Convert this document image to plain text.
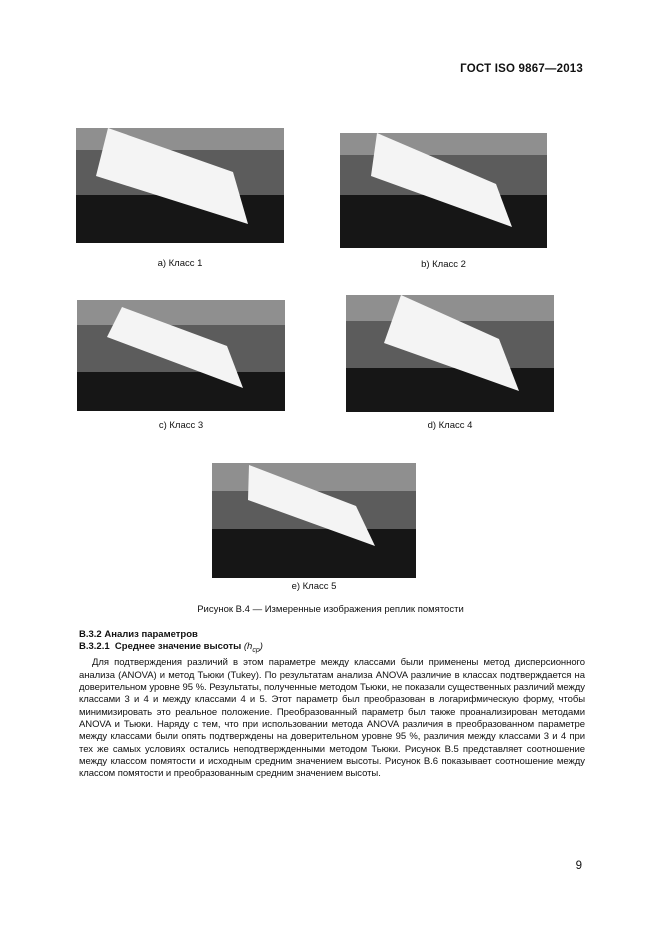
ГОСТ ISO 9867—2013
a) Класс 1	b) Класс 2
c) Класс 3	d) Класс 4
e) Класс 5
Рисунок В.4 — Измеренные изображения реплик помятости
В.3.2 Анализ параметров
В.3.2.1 Среднее значение высоты $(h_{cp})$

Для подтверждения различий в этом параметре между классами были применены метод дисперсионного анализа (ANOVA) и метод Тьюки (Tukey). По результатам анализа ANOVA различие в классах подтверждается на доверительном уровне 95 %. Результаты, полученные методом Тьюки, не показали существенных различий между классами 3 и 4 и между классами 4 и 5. Этот параметр был преобразован в логарифмическую форму, чтобы минимизировать это реальное положение. Преобразованный параметр был также проанализирован методами ANOVA и Тьюки. Наряду с тем, что при использовании метода ANOVA различия в преобразованном параметре между классами были опять подтверждены на доверительном уровне 95 %, различия между классами 3 и 4 при тех же самых условиях остались неподтвержденными методом Тьюки. Рисунок В.5 представляет соотношение между классом помятости и исходным средним значением высоты. Рисунок В.6 показывает соотношение между классом помятости и преобразованным средним значением высоты.

9
